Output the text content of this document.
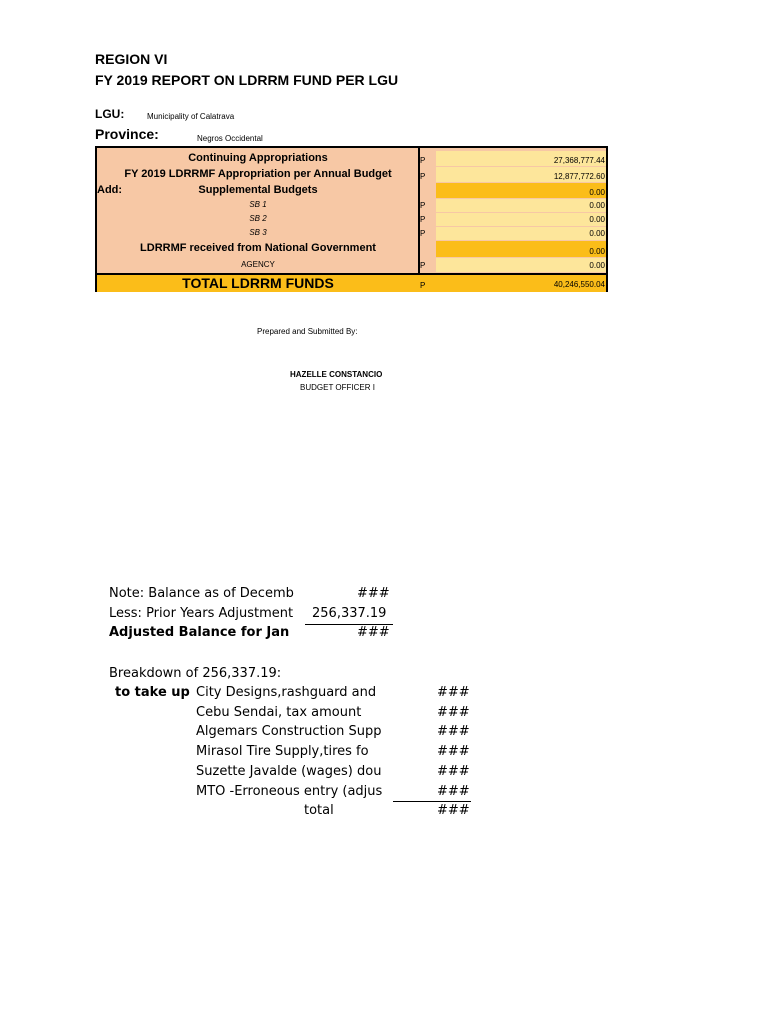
REGION VI
FY 2019 REPORT ON LDRRM FUND PER LGU
LGU:	Municipality of Calatrava
Province:	Negros Occidental
Continuing Appropriations	P	27,368,777.44
FY 2019 LDRRMF Appropriation per Annual Budget	P	12,877,772.60
Add:	Supplemental Budgets	0.00
SB 1	P	0.00
SB 2	P	0.00
SB 3	P	0.00
LDRRMF received from National Government	0.00
AGENCY	P	0.00
TOTAL LDRRM FUNDS	P	40,246,550.04
Prepared and Submitted By:
HAZELLE CONSTANCIO
BUDGET OFFICER I
Note: Balance as of Decemb	###
Less: Prior Years Adjustment	256,337.19
Adjusted Balance for Jan	###
Breakdown of 256,337.19:
to take up City Designs,rashguard and	###
Cebu Sendai, tax amount	###
Algemars Construction Supp	###
Mirasol Tire Supply,tires fo	###
Suzette Javalde (wages) dou	###
MTO -Erroneous entry (adjus	###
total	###
